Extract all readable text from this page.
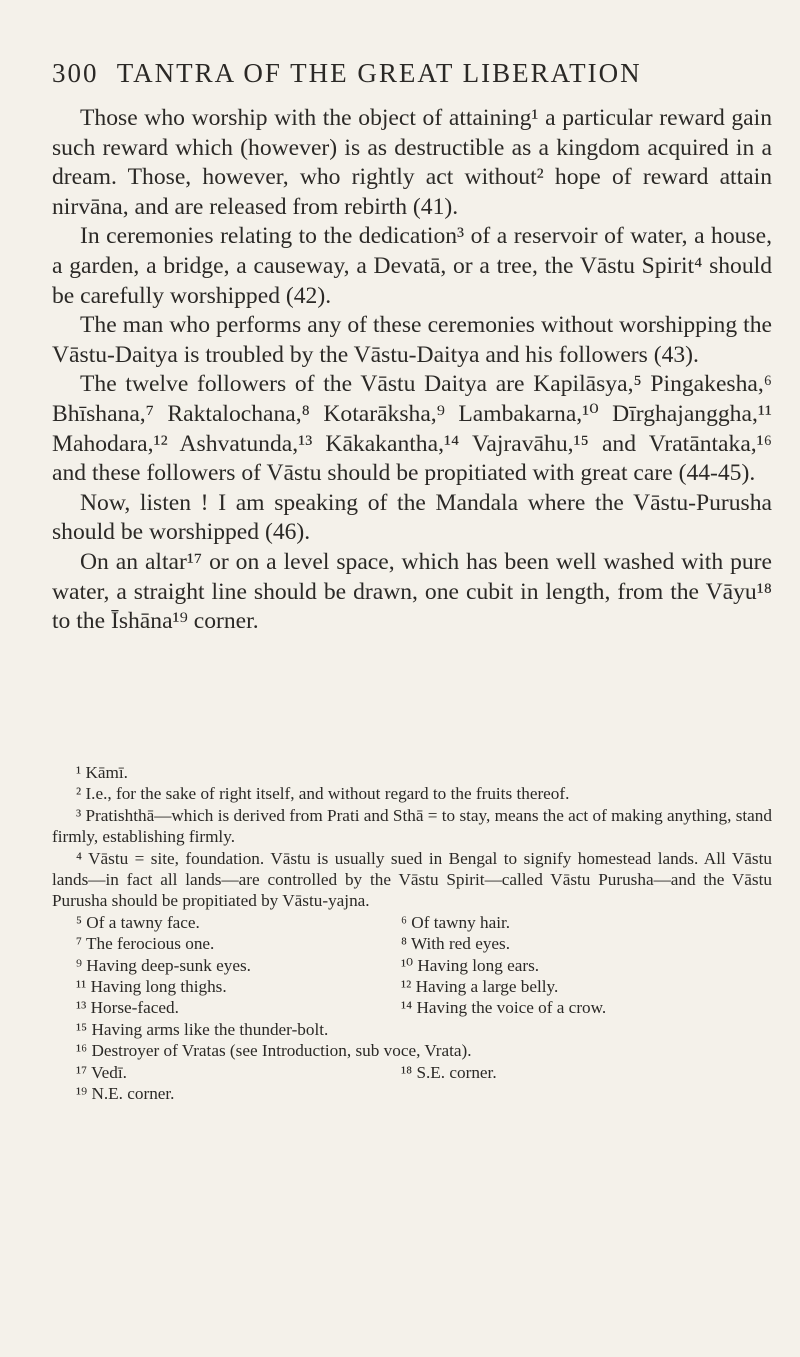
300 TANTRA OF THE GREAT LIBERATION

Those who worship with the object of attaining¹ a particular reward gain such reward which (however) is as destructible as a kingdom acquired in a dream. Those, however, who rightly act without² hope of reward attain nirvāna, and are released from rebirth (41).

In ceremonies relating to the dedication³ of a reservoir of water, a house, a garden, a bridge, a causeway, a Devatā, or a tree, the Vāstu Spirit⁴ should be carefully worshipped (42).

The man who performs any of these ceremonies without worshipping the Vāstu-Daitya is troubled by the Vāstu-Daitya and his followers (43).

The twelve followers of the Vāstu Daitya are Kapilāsya,⁵ Pingakesha,⁶ Bhīshana,⁷ Raktalochana,⁸ Kotarāksha,⁹ Lambakarna,¹⁰ Dīrghajanggha,¹¹ Mahodara,¹² Ashvatunda,¹³ Kākakantha,¹⁴ Vajravāhu,¹⁵ and Vratāntaka,¹⁶ and these followers of Vāstu should be propitiated with great care (44-45).

Now, listen ! I am speaking of the Mandala where the Vāstu-Purusha should be worshipped (46).

On an altar¹⁷ or on a level space, which has been well washed with pure water, a straight line should be drawn, one cubit in length, from the Vāyu¹⁸ to the Īshāna¹⁹ corner.

¹ Kāmī.

² I.e., for the sake of right itself, and without regard to the fruits thereof.

³ Pratishthā—which is derived from Prati and Sthā = to stay, means the act of making anything, stand firmly, establishing firmly.

⁴ Vāstu = site, foundation. Vāstu is usually sued in Bengal to signify homestead lands. All Vāstu lands—in fact all lands—are controlled by the Vāstu Spirit—called Vāstu Purusha—and the Vāstu Purusha should be propitiated by Vāstu-yajna.

⁵ Of a tawny face.	⁶ Of tawny hair.
⁷ The ferocious one.	⁸ With red eyes.
⁹ Having deep-sunk eyes.	¹⁰ Having long ears.
¹¹ Having long thighs.	¹² Having a large belly.
¹³ Horse-faced.	¹⁴ Having the voice of a crow.
¹⁵ Having arms like the thunder-bolt.
¹⁶ Destroyer of Vratas (see Introduction, sub voce, Vrata).
¹⁷ Vedī.	¹⁸ S.E. corner.
¹⁹ N.E. corner.
